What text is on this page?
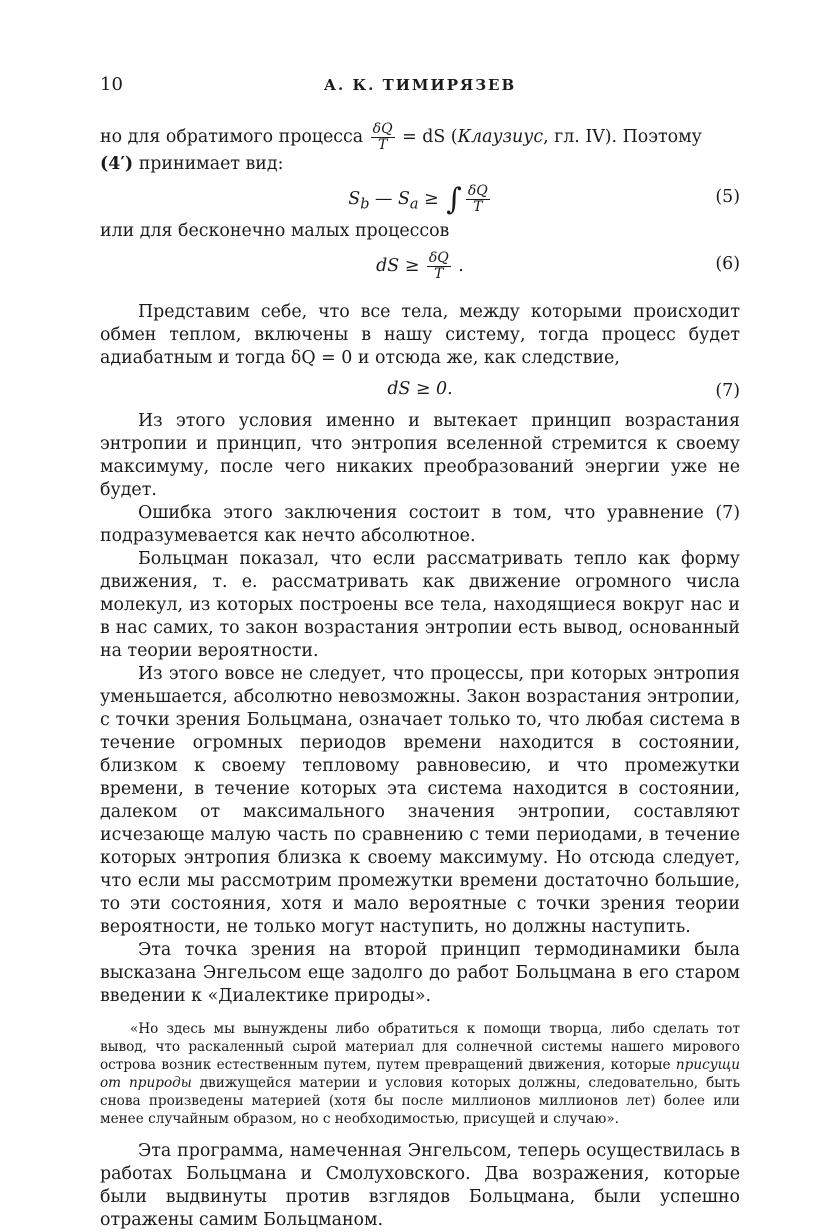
10	А. К. ТИМИРЯЗЕВ

но для обратимого процесса $\frac{\delta Q}{T}$ = dS (Клаузиус, гл. IV). Поэтому
(4′) принимает вид:

$S_b$ — $S_a$ ≥ ∫ $\frac{\delta Q}{T}$	(5)

или для бесконечно малых процессов

dS ≥ $\frac{\delta Q}{T}$ .	(6)

Представим себе, что все тела, между которыми происходит обмен теплом, включены в нашу систему, тогда процесс будет адиабатным и тогда δQ = 0 и отсюда же, как следствие,

dS ≥ 0.	(7)

Из этого условия именно и вытекает принцип возрастания энтропии и принцип, что энтропия вселенной стремится к своему максимуму, после чего никаких преобразований энергии уже не будет.

Ошибка этого заключения состоит в том, что уравнение (7) подразумевается как нечто абсолютное.

Больцман показал, что если рассматривать тепло как форму движения, т. е. рассматривать как движение огромного числа молекул, из которых построены все тела, находящиеся вокруг нас и в нас самих, то закон возрастания энтропии есть вывод, основанный на теории вероятности.

Из этого вовсе не следует, что процессы, при которых энтропия уменьшается, абсолютно невозможны. Закон возрастания энтропии, с точки зрения Больцмана, означает только то, что любая система в течение огромных периодов времени находится в состоянии, близком к своему тепловому равновесию, и что промежутки времени, в течение которых эта система находится в состоянии, далеком от максимального значения энтропии, составляют исчезающе малую часть по сравнению с теми периодами, в течение которых энтропия близка к своему максимуму. Но отсюда следует, что если мы рассмотрим промежутки времени достаточно большие, то эти состояния, хотя и мало вероятные с точки зрения теории вероятности, не только могут наступить, но должны наступить.

Эта точка зрения на второй принцип термодинамики была высказана Энгельсом еще задолго до работ Больцмана в его старом введении к «Диалектике природы».

«Но здесь мы вынуждены либо обратиться к помощи творца, либо сделать тот вывод, что раскаленный сырой материал для солнечной системы нашего мирового острова возник естественным путем, путем превращений движения, которые присущи от природы движущейся материи и условия которых должны, следовательно, быть снова произведены материей (хотя бы после миллионов миллионов лет) более или менее случайным образом, но с необходимостью, присущей и случаю».

Эта программа, намеченная Энгельсом, теперь осуществилась в работах Больцмана и Смолуховского. Два возражения, которые были выдвинуты против взглядов Больцмана, были успешно отражены самим Больцманом.
